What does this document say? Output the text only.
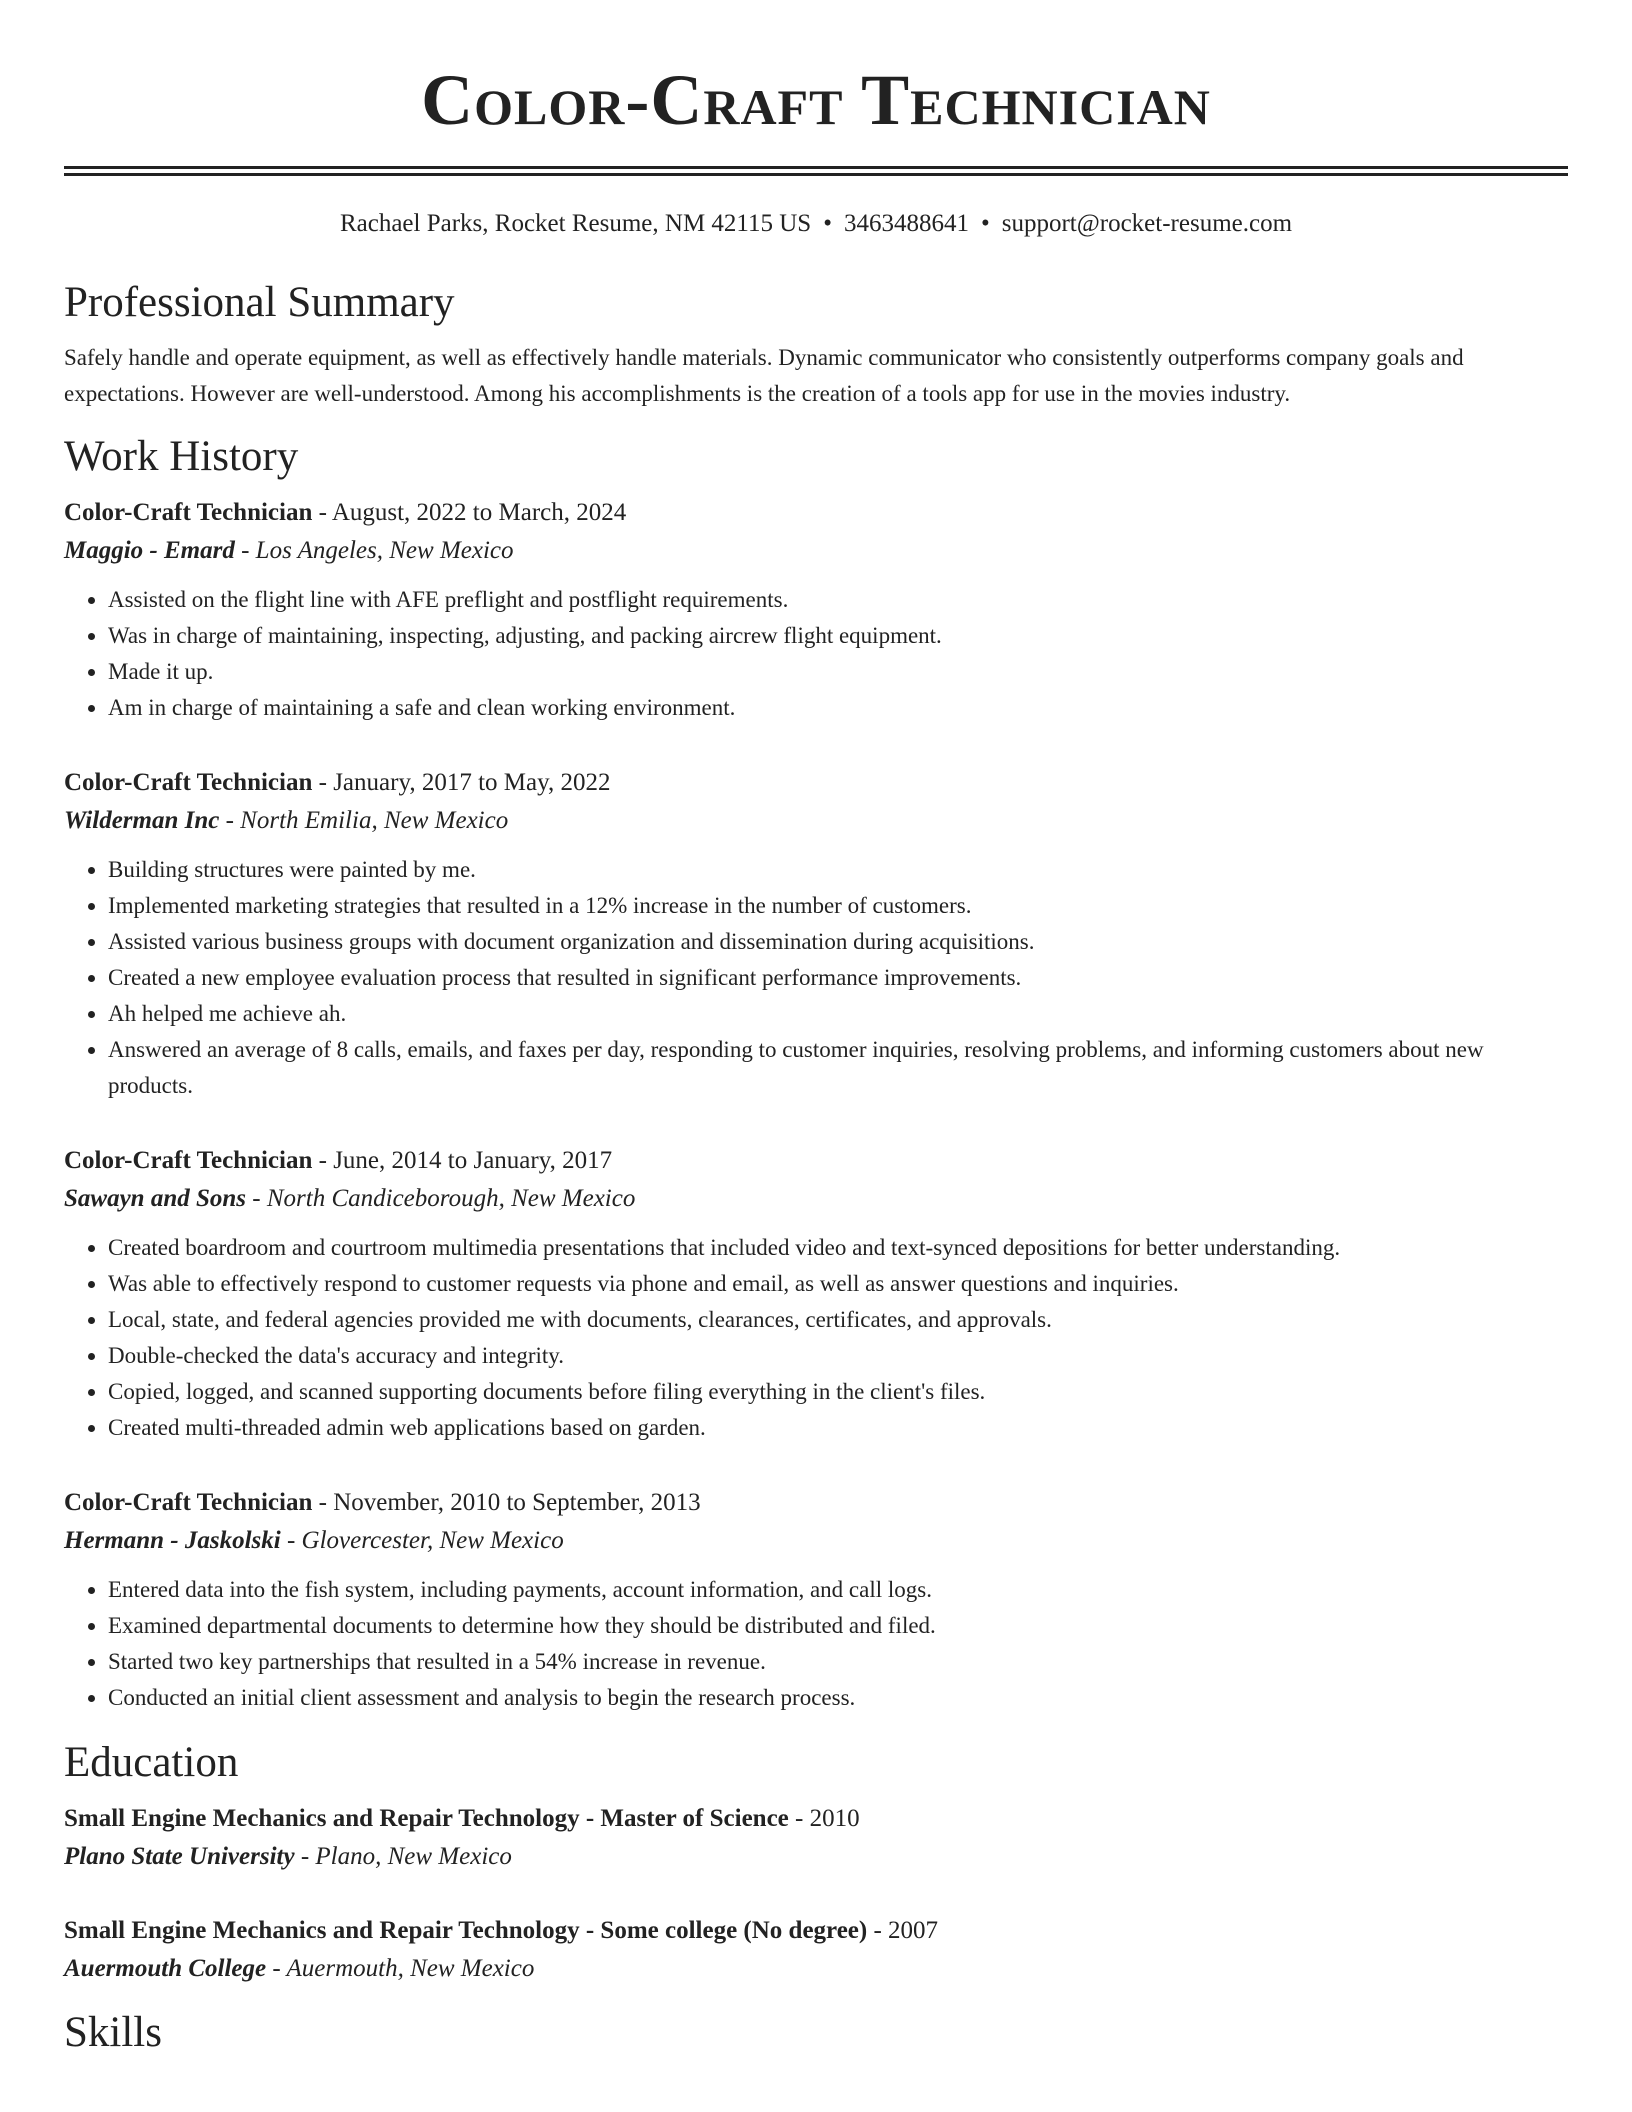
Color-Craft Technician
Rachael Parks, Rocket Resume, NM 42115 US • 3463488641 • support@rocket-resume.com
Professional Summary
Safely handle and operate equipment, as well as effectively handle materials. Dynamic communicator who consistently outperforms company goals and expectations. However are well-understood. Among his accomplishments is the creation of a tools app for use in the movies industry.
Work History
Color-Craft Technician - August, 2022 to March, 2024
Maggio - Emard - Los Angeles, New Mexico
• Assisted on the flight line with AFE preflight and postflight requirements.
• Was in charge of maintaining, inspecting, adjusting, and packing aircrew flight equipment.
• Made it up.
• Am in charge of maintaining a safe and clean working environment.
Color-Craft Technician - January, 2017 to May, 2022
Wilderman Inc - North Emilia, New Mexico
• Building structures were painted by me.
• Implemented marketing strategies that resulted in a 12% increase in the number of customers.
• Assisted various business groups with document organization and dissemination during acquisitions.
• Created a new employee evaluation process that resulted in significant performance improvements.
• Ah helped me achieve ah.
• Answered an average of 8 calls, emails, and faxes per day, responding to customer inquiries, resolving problems, and informing customers about new products.
Color-Craft Technician - June, 2014 to January, 2017
Sawayn and Sons - North Candiceborough, New Mexico
• Created boardroom and courtroom multimedia presentations that included video and text-synced depositions for better understanding.
• Was able to effectively respond to customer requests via phone and email, as well as answer questions and inquiries.
• Local, state, and federal agencies provided me with documents, clearances, certificates, and approvals.
• Double-checked the data's accuracy and integrity.
• Copied, logged, and scanned supporting documents before filing everything in the client's files.
• Created multi-threaded admin web applications based on garden.
Color-Craft Technician - November, 2010 to September, 2013
Hermann - Jaskolski - Glovercester, New Mexico
• Entered data into the fish system, including payments, account information, and call logs.
• Examined departmental documents to determine how they should be distributed and filed.
• Started two key partnerships that resulted in a 54% increase in revenue.
• Conducted an initial client assessment and analysis to begin the research process.
Education
Small Engine Mechanics and Repair Technology - Master of Science - 2010
Plano State University - Plano, New Mexico
Small Engine Mechanics and Repair Technology - Some college (No degree) - 2007
Auermouth College - Auermouth, New Mexico
Skills
